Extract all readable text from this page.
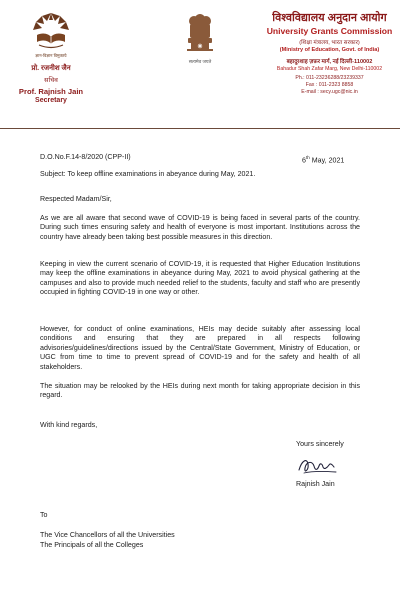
ज्ञान-विज्ञान विमुक्तये
प्रो. रजनीश जैन
सचिव
Prof. Rajnish Jain
Secretary
सत्यमेव जयते
विश्वविद्यालय अनुदान आयोग
University Grants Commission
(शिक्षा मंत्रालय, भारत सरकार)
(Ministry of Education, Govt. of India)
बहादुरशाह ज़फ़र मार्ग, नई दिल्ली-110002
Bahadur Shah Zafar Marg, New Delhi-110002
Ph.: 011-23236288/23239337
Fax : 011-2323 8858
E-mail : secy.ugc@nic.in
D.O.No.F.14-8/2020 (CPP-II)	6th May, 2021
Subject: To keep offline examinations in abeyance during May, 2021.
Respected Madam/Sir,

As we are all aware that second wave of COVID-19 is being faced in several parts of the country. During such times ensuring safety and health of everyone is most important. Institutions across the country have already been taking best possible measures in this direction.

Keeping in view the current scenario of COVID-19, it is requested that Higher Education Institutions may keep the offline examinations in abeyance during May, 2021 to avoid physical gathering at the campuses and also to provide much needed relief to the students, faculty and staff who are presently occupied in fighting COVID-19 in one way or other.

However, for conduct of online examinations, HEIs may decide suitably after assessing local conditions and ensuring that they are prepared in all respects following advisories/guidelines/directions issued by the Central/State Government, Ministry of Education, or UGC from time to time to prevent spread of COVID-19 and for the safety and health of all stakeholders.

The situation may be relooked by the HEIs during next month for taking appropriate decision in this regard.

With kind regards,
Yours sincerely
Rajnish Jain
To
The Vice Chancellors of all the Universities
The Principals of all the Colleges
